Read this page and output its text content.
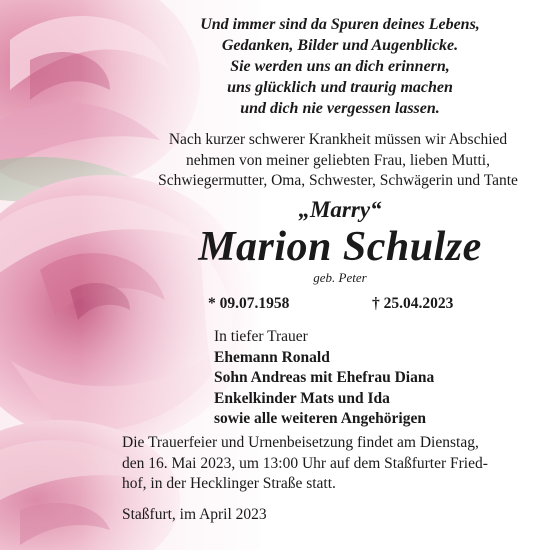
Und immer sind da Spuren deines Lebens,
Gedanken, Bilder und Augenblicke.
Sie werden uns an dich erinnern,
uns glücklich und traurig machen
und dich nie vergessen lassen.
Nach kurzer schwerer Krankheit müssen wir Abschied
nehmen von meiner geliebten Frau, lieben Mutti,
Schwiegermutter, Oma, Schwester, Schwägerin und Tante
„Marry“
Marion Schulze
geb. Peter
* 09.07.1958	† 25.04.2023
In tiefer Trauer
Ehemann Ronald
Sohn Andreas mit Ehefrau Diana
Enkelkinder Mats und Ida
sowie alle weiteren Angehörigen
Die Trauerfeier und Urnenbeisetzung findet am Dienstag,
den 16. Mai 2023, um 13:00 Uhr auf dem Staßfurter Fried-
hof, in der Hecklinger Straße statt.
Staßfurt, im April 2023
